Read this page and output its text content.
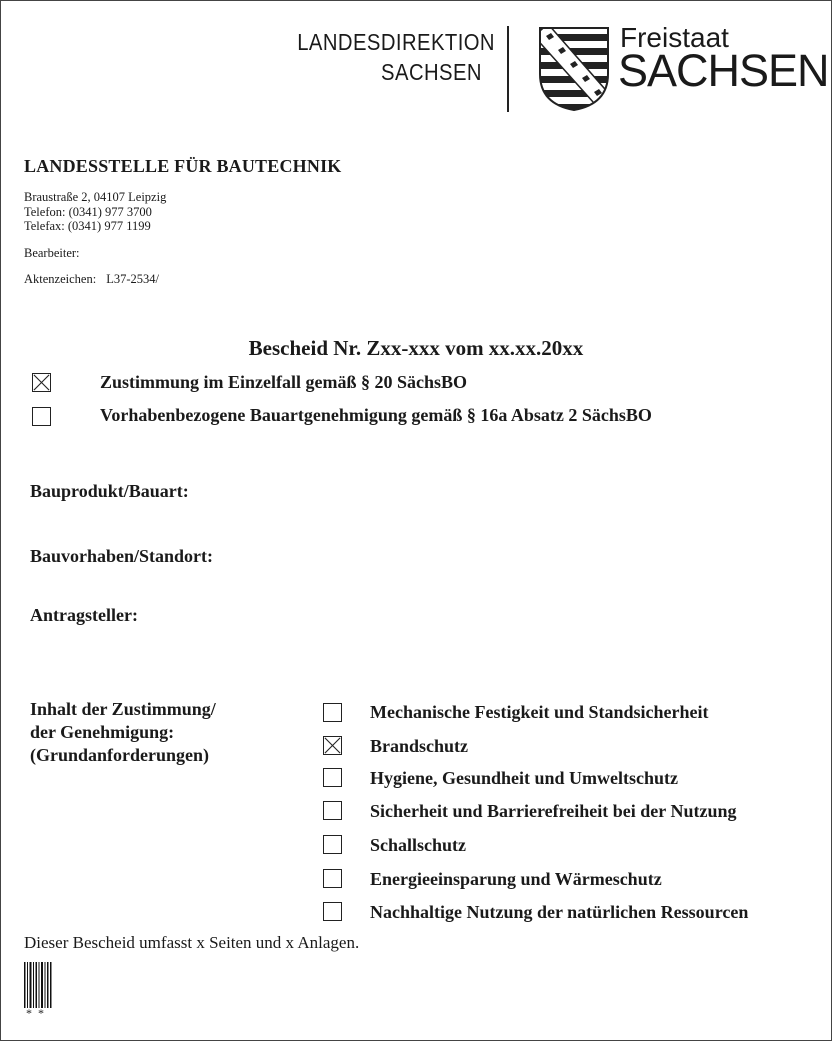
LANDESDIREKTION
SACHSEN
Freistaat
SACHSEN
LANDESSTELLE FÜR BAUTECHNIK
Braustraße 2, 04107 Leipzig
Telefon: (0341) 977 3700
Telefax: (0341) 977 1199
Bearbeiter:
Aktenzeichen: L37-2534/
Bescheid Nr. Zxx-xxx vom xx.xx.20xx
Zustimmung im Einzelfall gemäß § 20 SächsBO
Vorhabenbezogene Bauartgenehmigung gemäß § 16a Absatz 2 SächsBO
Bauprodukt/Bauart:
Bauvorhaben/Standort:
Antragsteller:
Inhalt der Zustimmung/
der Genehmigung:
(Grundanforderungen)
Mechanische Festigkeit und Standsicherheit
Brandschutz
Hygiene, Gesundheit und Umweltschutz
Sicherheit und Barrierefreiheit bei der Nutzung
Schallschutz
Energieeinsparung und Wärmeschutz
Nachhaltige Nutzung der natürlichen Ressourcen
Dieser Bescheid umfasst x Seiten und x Anlagen.
**
